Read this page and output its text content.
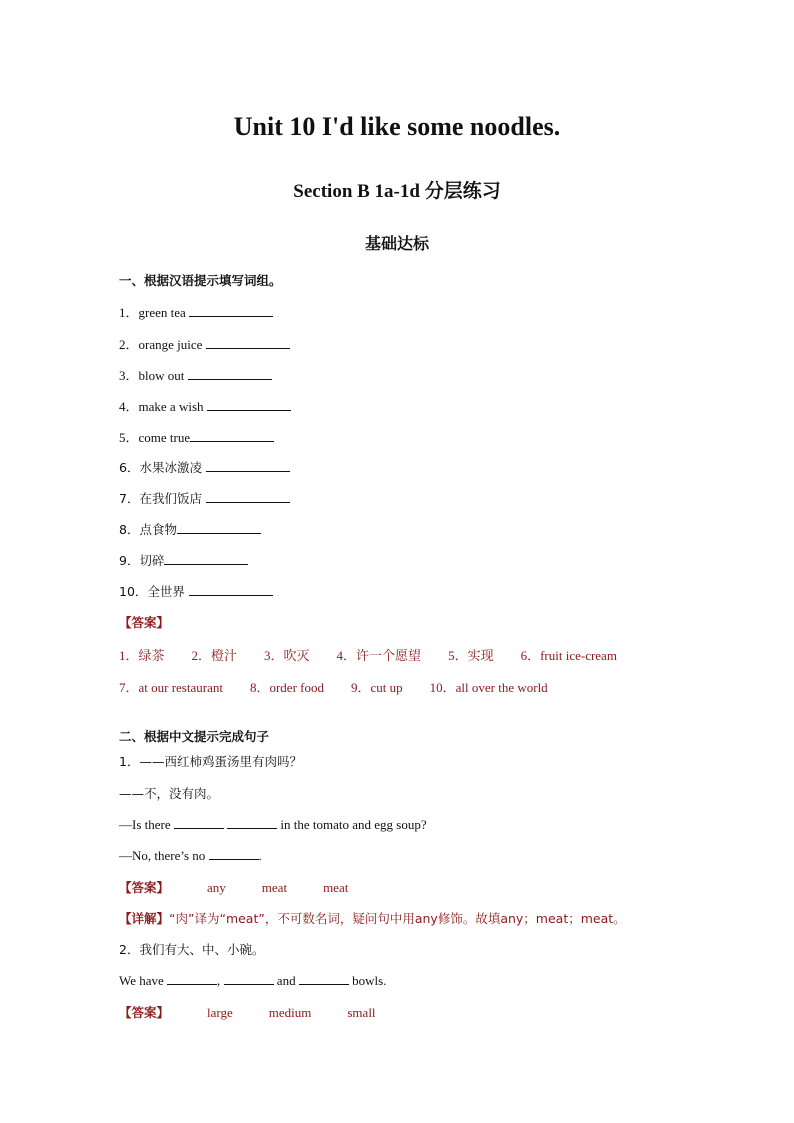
Unit 10 I'd like some noodles.
Section B 1a-1d 分层练习
基础达标

一、根据汉语提示填写词组。

1．green tea

2．orange juice

3．blow out

4．make a wish

5．come true

6．水果冰激凌

7．在我们饭店

8．点食物

9．切碎

10．全世界

【答案】

1．绿茶 2．橙汁 3．吹灭 4．许一个愿望 5．实现 6．fruit ice-cream

7．at our restaurant 8．order food 9．cut up 10．all over the world

二、根据中文提示完成句子

1．——西红柿鸡蛋汤里有肉吗？

——不，没有肉。

—Is there	in the tomato and egg soup?

—No, there’s no	.

【答案】	any	meat	meat

【详解】“肉”译为“meat”，不可数名词，疑问句中用any修饰。故填any；meat；meat。

2．我们有大、中、小碗。

We have	,	and	bowls.

【答案】	large	medium	small
